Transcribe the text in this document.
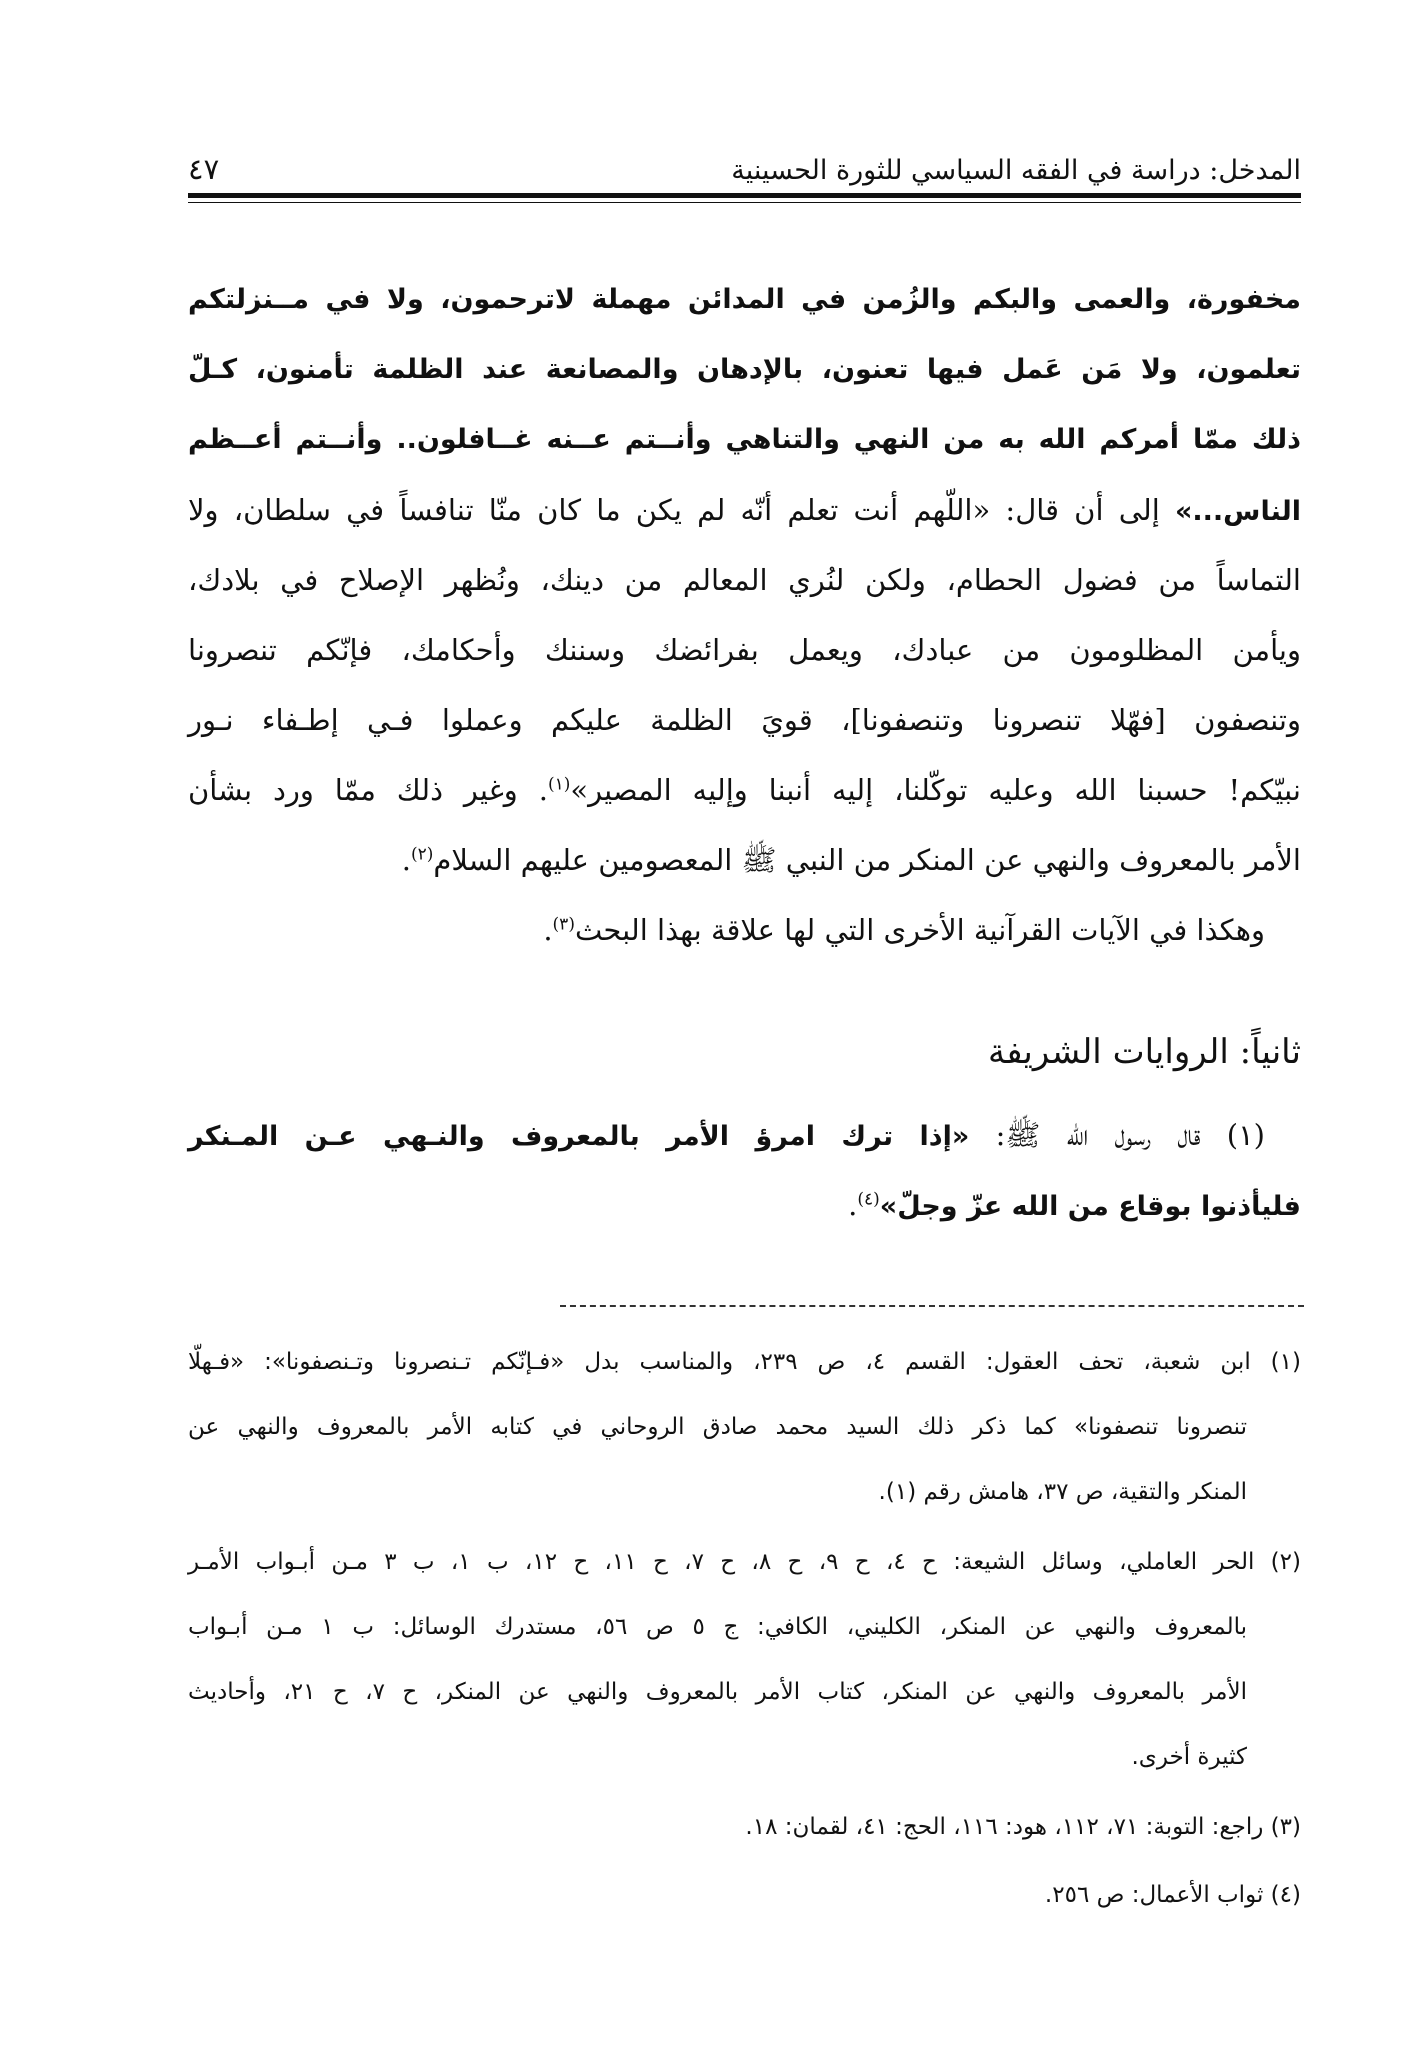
المدخل: دراسة في الفقه السياسي للثورة الحسينية
٤٧
مخفورة، والعمى والبكم والزُمن في المدائن مهملة لاترحمون، ولا في مــنزلتكم
تعلمون، ولا مَن عَمل فيها تعنون، بالإدهان والمصانعة عند الظلمة تأمنون، كـلّ
ذلك ممّا أمركم الله به من النهي والتناهي وأنــتم عــنه غــافلون.. وأنــتم أعــظم
الناس...» إلى أن قال: «اللّهم أنت تعلم أنّه لم يكن ما كان منّا تنافساً في سلطان، ولا
التماساً من فضول الحطام، ولكن لنُري المعالم من دينك، ونُظهر الإصلاح في بلادك،
ويأمن المظلومون من عبادك، ويعمل بفرائضك وسننك وأحكامك، فإنّكم تنصرونا
وتنصفون [فهّلا تنصرونا وتنصفونا]، قويَ الظلمة عليكم وعملوا فـي إطـفاء نـور
نبيّكم! حسبنا الله وعليه توكّلنا، إليه أنبنا وإليه المصير»$^{(١)}$. وغير ذلك ممّا ورد بشأن
الأمر بالمعروف والنهي عن المنكر من النبي ﷺ المعصومين عليهم السلام$^{(٢)}$.
وهكذا في الآيات القرآنية الأخرى التي لها علاقة بهذا البحث$^{(٣)}$.
ثانياً: الروايات الشريفة
(١) قال رسول الله ﷺ: «إذا ترك امرؤ الأمر بالمعروف والنـهي عـن المـنكر
فليأذنوا بوقاع من الله عزّ وجلّ»$^{(٤)}$.
(١) ابن شعبة، تحف العقول: القسم ٤، ص ٢٣٩، والمناسب بدل «فـإنّكم تـنصرونا وتـنصفونا»: «فـهلّا
تنصرونا تنصفونا» كما ذكر ذلك السيد محمد صادق الروحاني في كتابه الأمر بالمعروف والنهي عن
المنكر والتقية، ص ٣٧، هامش رقم (١).
(٢) الحر العاملي، وسائل الشيعة: ح ٤، ح ٩، ح ٨، ح ٧، ح ١١، ح ١٢، ب ١، ب ٣ مـن أبـواب الأمـر
بالمعروف والنهي عن المنكر، الكليني، الكافي: ج ٥ ص ٥٦، مستدرك الوسائل: ب ١ مـن أبـواب
الأمر بالمعروف والنهي عن المنكر، كتاب الأمر بالمعروف والنهي عن المنكر، ح ٧، ح ٢١، وأحاديث
كثيرة أخرى.
(٣) راجع: التوبة: ٧١، ١١٢، هود: ١١٦، الحج: ٤١، لقمان: ١٨.
(٤) ثواب الأعمال: ص ٢٥٦.
